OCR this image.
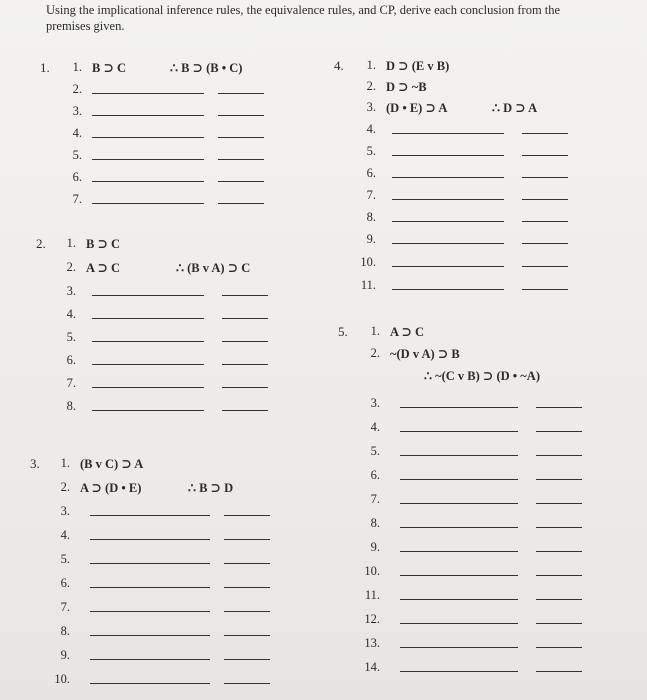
Using the implicational inference rules, the equivalence rules, and CP, derive each conclusion from the premises given.
1.	1. B ⊃ C	∴ B ⊃ (B • C)
2.
3.
4.
5.
6.
7.
2.	1. B ⊃ C
2. A ⊃ C	∴ (B v A) ⊃ C
3.
4.
5.
6.
7.
8.
3.	1. (B v C) ⊃ A
2. A ⊃ (D • E)	∴ B ⊃ D
3.
4.
5.
6.
7.
8.
9.
10.
4.	1. D ⊃ (E v B)
2. D ⊃ ~B
3. (D • E) ⊃ A	∴ D ⊃ A
4.
5.
6.
7.
8.
9.
10.
11.
5.	1. A ⊃ C
2. ~(D v A) ⊃ B
∴ ~(C v B) ⊃ (D • ~A)
3.
4.
5.
6.
7.
8.
9.
10.
11.
12.
13.
14.
